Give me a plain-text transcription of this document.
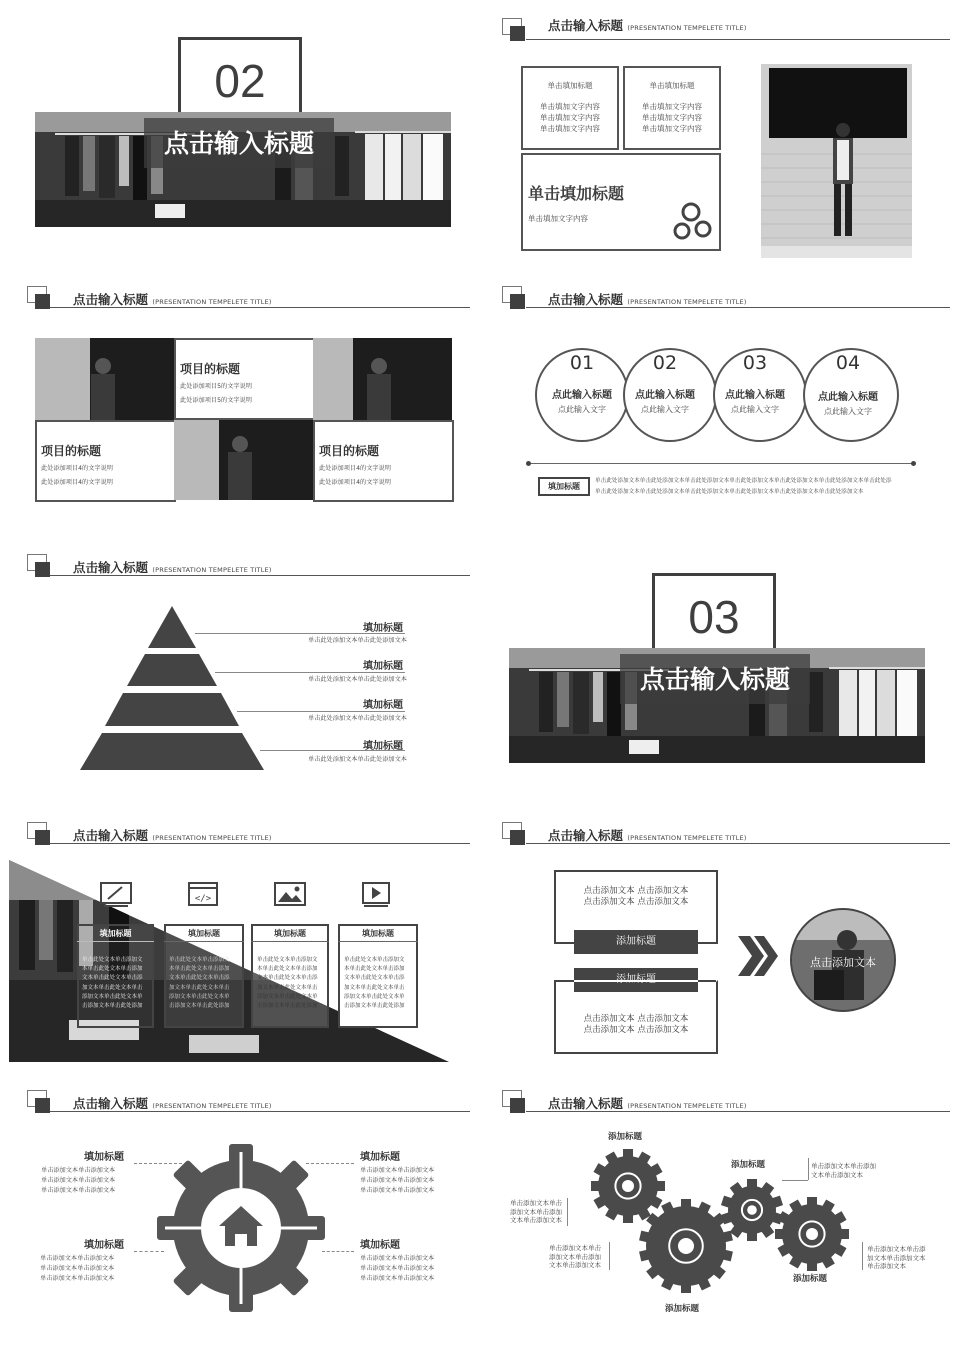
02
点击输入标题
点击输入标题 (PRESENTATION TEMPELETE TITLE)
单击填加标题
单击填加文字内容
单击填加文字内容
单击填加文字内容
单击填加标题
单击填加文字内容
单击填加文字内容
单击填加文字内容
单击填加标题
单击填加文字内容
点击输入标题 (PRESENTATION TEMPELETE TITLE)
项目的标题
此处添加项目5的文字说明
此处添加项目5的文字说明
项目的标题
此处添加项目4的文字说明
此处添加项目4的文字说明
项目的标题
此处添加项目4的文字说明
此处添加项目4的文字说明
点击输入标题 (PRESENTATION TEMPELETE TITLE)
01
点此输入标题
点此输入文字
02
点此输入标题
点此输入文字
03
点此输入标题
点此输入文字
04
点此输入标题
点此输入文字
填加标题
单击此处添加文本单击此处添加文本单击此处添加文本单击此处添加文本单击此处添加文本单击此处添加文本单击此处添
单击此处添加文本单击此处添加文本单击此处添加文本单击此处添加文本单击此处添加文本单击此处添加文本
点击输入标题 (PRESENTATION TEMPELETE TITLE)
填加标题
单击此处添加文本单击此处添加文本
填加标题
单击此处添加文本单击此处添加文本
填加标题
单击此处添加文本单击此处添加文本
填加标题
单击此处添加文本单击此处添加文本
03
点击输入标题
点击输入标题 (PRESENTATION TEMPELETE TITLE)
</>
填加标题	填加标题	填加标题	填加标题
单击此处文本单击添加文
本单击此处文本单击添加
文本单击此处文本单击添
加文本单击此处文本单击
添加文本单击此处文本单
击添加文本单击此处添加
单击此处文本单击添加文
本单击此处文本单击添加
文本单击此处文本单击添
加文本单击此处文本单击
添加文本单击此处文本单
击添加文本单击此处添加
单击此处文本单击添加文
本单击此处文本单击添加
文本单击此处文本单击添
加文本单击此处文本单击
添加文本单击此处文本单
击添加文本单击此处添加
单击此处文本单击添加文
本单击此处文本单击添加
文本单击此处文本单击添
加文本单击此处文本单击
添加文本单击此处文本单
击添加文本单击此处添加
点击输入标题 (PRESENTATION TEMPELETE TITLE)
点击添加文本 点击添加文本
点击添加文本 点击添加文本
添加标题
添加标题
点击添加文本 点击添加文本
点击添加文本 点击添加文本
点击添加文本
点击输入标题 (PRESENTATION TEMPELETE TITLE)
填加标题
单击添加文本单击添加文本
单击添加文本单击添加文本
单击添加文本单击添加文本
填加标题
单击添加文本单击添加文本
单击添加文本单击添加文本
单击添加文本单击添加文本
填加标题
单击添加文本单击添加文本
单击添加文本单击添加文本
单击添加文本单击添加文本
填加标题
单击添加文本单击添加文本
单击添加文本单击添加文本
单击添加文本单击添加文本
点击输入标题 (PRESENTATION TEMPELETE TITLE)
添加标题
添加标题
添加标题
添加标题
单击添加文本单击添加
文本单击添加文本
单击添加文本单击
添加文本单击添加
文本单击添加文本
单击添加文本单击
添加文本单击添加
文本单击添加文本
单击添加文本单击添
加文本单击添加文本
单击添加文本
